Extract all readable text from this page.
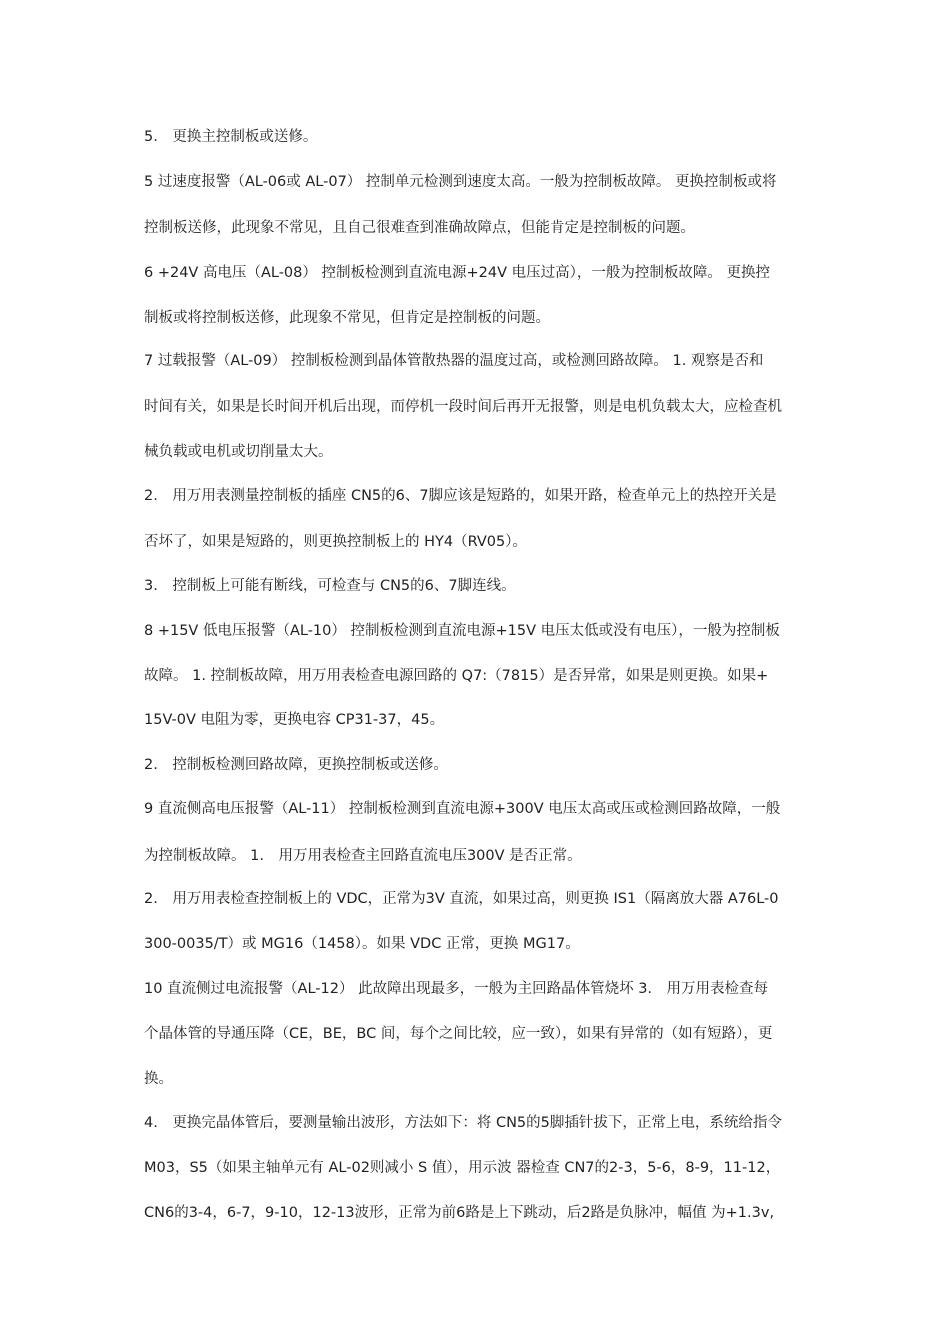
5.　更换主控制板或送修。
5 过速度报警（AL-06或 AL-07） 控制单元检测到速度太高。一般为控制板故障。 更换控制板或将
控制板送修，此现象不常见，且自己很难查到准确故障点，但能肯定是控制板的问题。
6 +24V 高电压（AL-08） 控制板检测到直流电源+24V 电压过高），一般为控制板故障。 更换控
制板或将控制板送修，此现象不常见，但肯定是控制板的问题。
7 过载报警（AL-09） 控制板检测到晶体管散热器的温度过高，或检测回路故障。 1. 观察是否和
时间有关，如果是长时间开机后出现，而停机一段时间后再开无报警，则是电机负载太大，应检查机
械负载或电机或切削量太大。
2.　用万用表测量控制板的插座 CN5的6、7脚应该是短路的，如果开路，检查单元上的热控开关是
否坏了，如果是短路的，则更换控制板上的 HY4（RV05）。
3.　控制板上可能有断线，可检查与 CN5的6、7脚连线。
8 +15V 低电压报警（AL-10） 控制板检测到直流电源+15V 电压太低或没有电压），一般为控制板
故障。 1. 控制板故障，用万用表检查电源回路的 Q7:（7815）是否异常，如果是则更换。如果+
15V-0V 电阻为零，更换电容 CP31-37，45。
2.　控制板检测回路故障，更换控制板或送修。
9 直流侧高电压报警（AL-11） 控制板检测到直流电源+300V 电压太高或压或检测回路故障，一般
为控制板故障。 1.　用万用表检查主回路直流电压300V 是否正常。
2.　用万用表检查控制板上的 VDC，正常为3V 直流，如果过高，则更换 IS1（隔离放大器 A76L-0
300-0035/T）或 MG16（1458）。如果 VDC 正常，更换 MG17。
10 直流侧过电流报警（AL-12） 此故障出现最多，一般为主回路晶体管烧坏 3.　用万用表检查每
个晶体管的导通压降（CE，BE，BC 间，每个之间比较，应一致），如果有异常的（如有短路），更
换。
4.　更换完晶体管后，要测量输出波形，方法如下：将 CN5的5脚插针拔下，正常上电，系统给指令
M03，S5（如果主轴单元有 AL-02则减小 S 值），用示波 器检查 CN7的2-3，5-6，8-9，11-12，
CN6的3-4，6-7，9-10，12-13波形，正常为前6路是上下跳动，后2路是负脉冲，幅值 为+1.3v,
